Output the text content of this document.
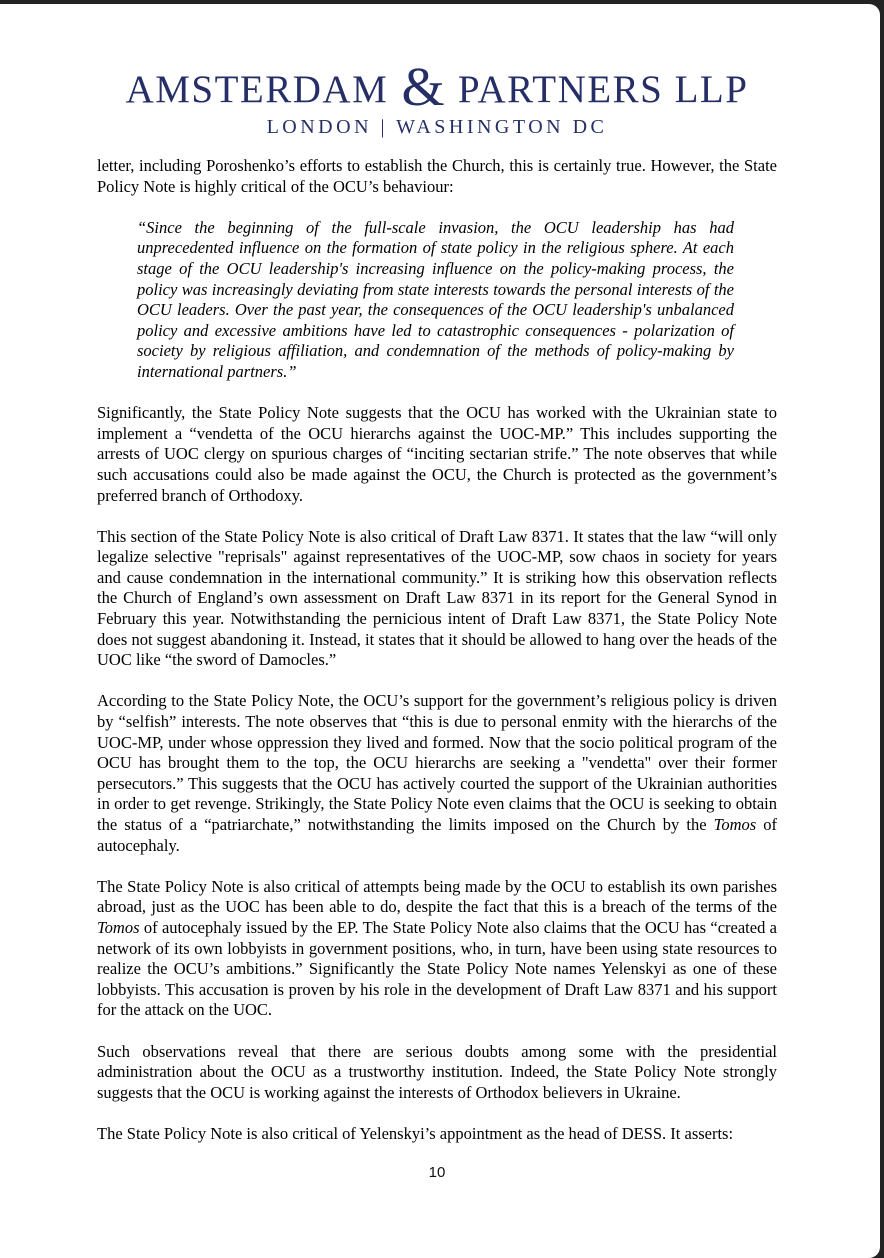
AMSTERDAM & PARTNERS LLP
LONDON | WASHINGTON DC

letter, including Poroshenko’s efforts to establish the Church, this is certainly true. However, the State Policy Note is highly critical of the OCU’s behaviour:

“Since the beginning of the full-scale invasion, the OCU leadership has had unprecedented influence on the formation of state policy in the religious sphere. At each stage of the OCU leadership's increasing influence on the policy-making process, the policy was increasingly deviating from state interests towards the personal interests of the OCU leaders. Over the past year, the consequences of the OCU leadership's unbalanced policy and excessive ambitions have led to catastrophic consequences - polarization of society by religious affiliation, and condemnation of the methods of policy-making by international partners.”

Significantly, the State Policy Note suggests that the OCU has worked with the Ukrainian state to implement a “vendetta of the OCU hierarchs against the UOC-MP.” This includes supporting the arrests of UOC clergy on spurious charges of “inciting sectarian strife.” The note observes that while such accusations could also be made against the OCU, the Church is protected as the government’s preferred branch of Orthodoxy.

This section of the State Policy Note is also critical of Draft Law 8371. It states that the law “will only legalize selective "reprisals" against representatives of the UOC-MP, sow chaos in society for years and cause condemnation in the international community.” It is striking how this observation reflects the Church of England’s own assessment on Draft Law 8371 in its report for the General Synod in February this year. Notwithstanding the pernicious intent of Draft Law 8371, the State Policy Note does not suggest abandoning it. Instead, it states that it should be allowed to hang over the heads of the UOC like “the sword of Damocles.”

According to the State Policy Note, the OCU’s support for the government’s religious policy is driven by “selfish” interests. The note observes that “this is due to personal enmity with the hierarchs of the UOC-MP, under whose oppression they lived and formed. Now that the socio political program of the OCU has brought them to the top, the OCU hierarchs are seeking a "vendetta" over their former persecutors.” This suggests that the OCU has actively courted the support of the Ukrainian authorities in order to get revenge. Strikingly, the State Policy Note even claims that the OCU is seeking to obtain the status of a “patriarchate,” notwithstanding the limits imposed on the Church by the Tomos of autocephaly.

The State Policy Note is also critical of attempts being made by the OCU to establish its own parishes abroad, just as the UOC has been able to do, despite the fact that this is a breach of the terms of the Tomos of autocephaly issued by the EP. The State Policy Note also claims that the OCU has “created a network of its own lobbyists in government positions, who, in turn, have been using state resources to realize the OCU’s ambitions.” Significantly the State Policy Note names Yelenskyi as one of these lobbyists. This accusation is proven by his role in the development of Draft Law 8371 and his support for the attack on the UOC.

Such observations reveal that there are serious doubts among some with the presidential administration about the OCU as a trustworthy institution. Indeed, the State Policy Note strongly suggests that the OCU is working against the interests of Orthodox believers in Ukraine.

The State Policy Note is also critical of Yelenskyi’s appointment as the head of DESS. It asserts:

10
